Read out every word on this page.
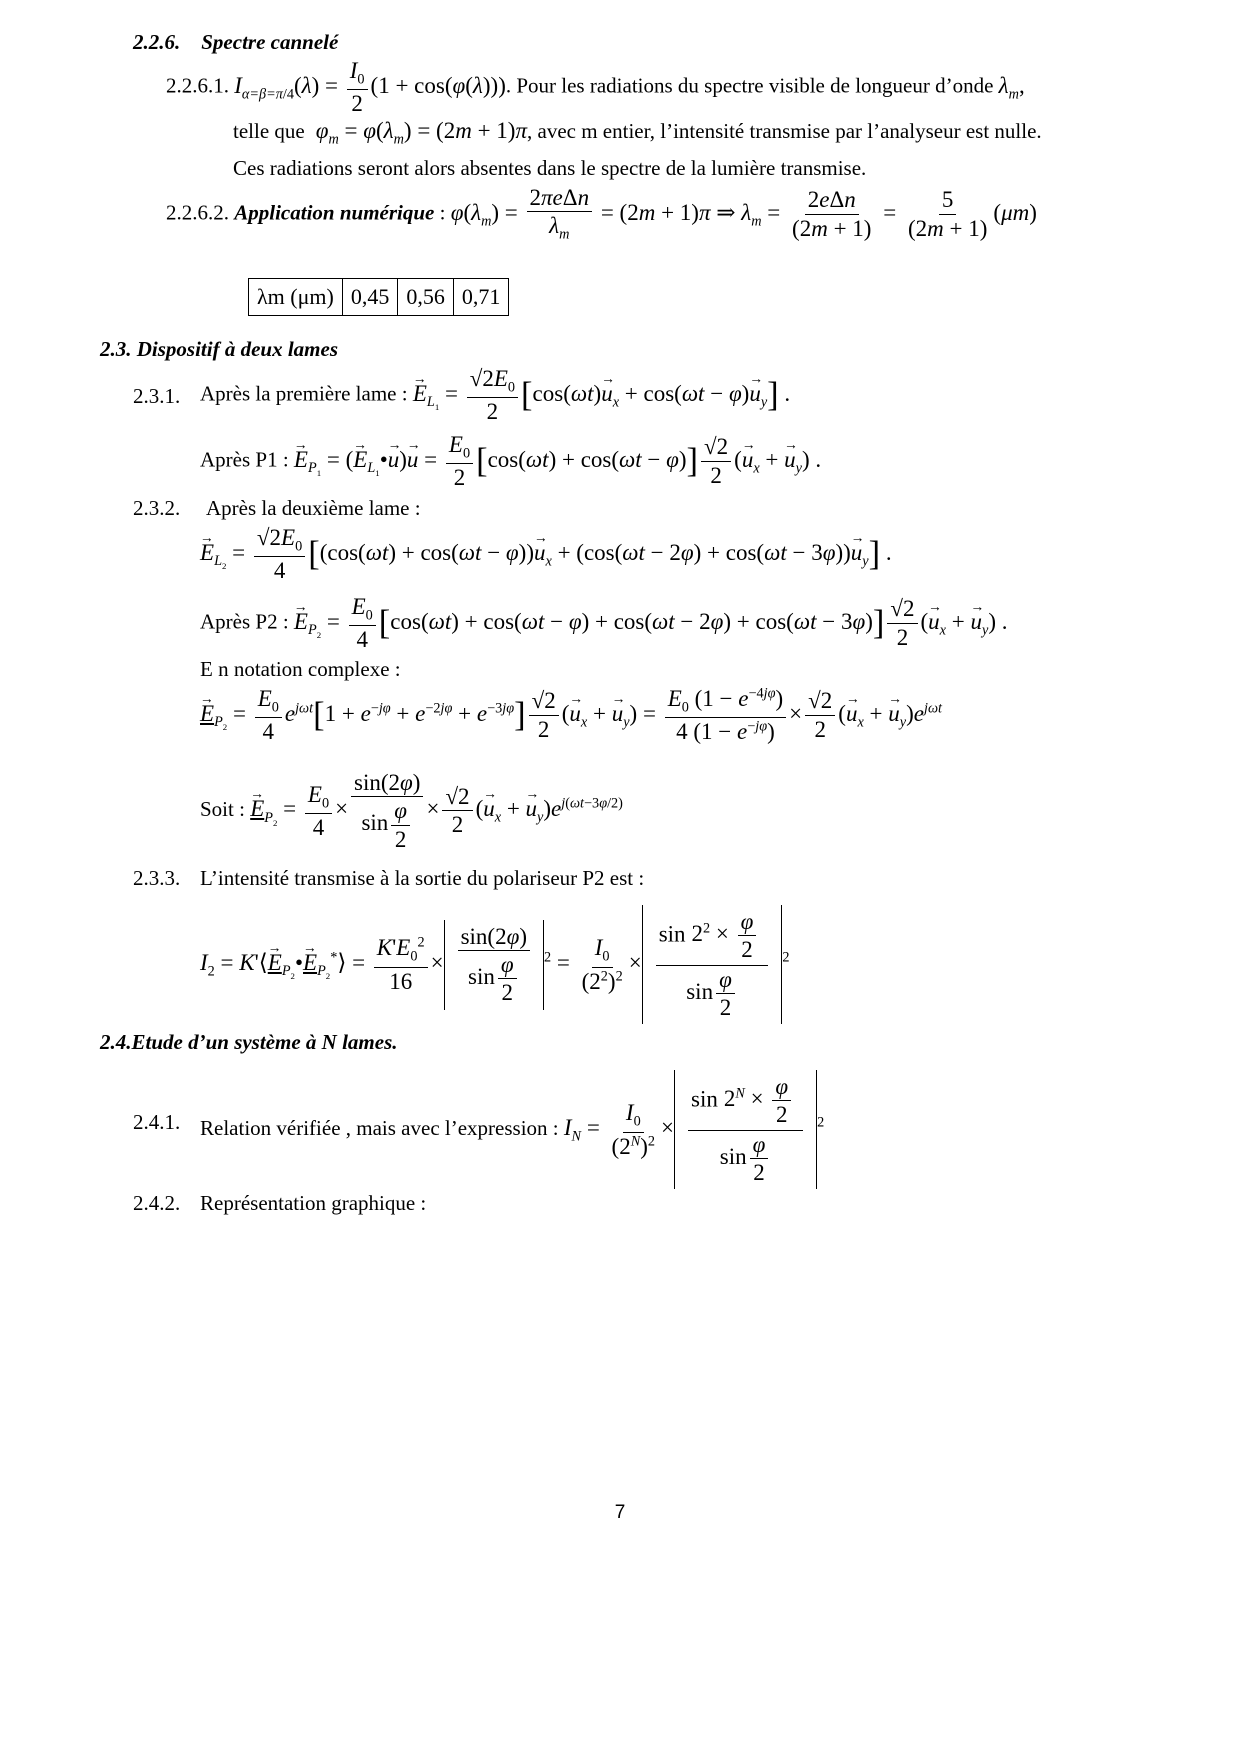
2.2.6. Spectre cannelé
2.2.6.1. $I_{\alpha=\beta=\pi/4}(\lambda) = \frac{I_0}{2} (1 + \cos(\varphi(\lambda)))$. Pour les radiations du spectre visible de longueur d’onde $\lambda_m$,
telle que $\varphi_m = \varphi(\lambda_m) = (2m + 1)\pi$, avec m entier, l’intensité transmise par l’analyseur est nulle.
Ces radiations seront alors absentes dans le spectre de la lumière transmise.
2.2.6.2. Application numérique : $\varphi(\lambda_m) = \frac{\text{2πeΔn}}{\lambda_m} = (2m + 1)\pi$ ⇒ $\lambda_m = \frac{\text{2eΔn}}{(2m + 1)} = \frac{5}{(2m + 1)} (\mu m)$
λm (μm)	0,45	0,56	0,71
2.3. Dispositif à deux lames
2.3.1. Après la première lame : → $E_{L_1} = \frac{√2E_0}{2} [\cos(\omega t)\to u_x + \cos(\omega t - \varphi)\to u_y]$ .
Après P1 : → $E_{P_1}$ = (→ $E_{L_1}•\to u)\to u = \frac{E_0}{2} [\cos(\omega t) + \cos(\omega t - \varphi)] \frac{√2}{2}$ (→ $u_x$ + → $u_y$) .
2.3.2. Après la deuxième lame :
→ $E_{L_2} = \frac{√2E_0}{4} [(\cos(\omega t) + \cos(\omega t - \varphi))\to u_x + (\cos(\omega t - 2\varphi) + \cos(\omega t - 3\varphi))\to u_y]$ .
Après P2 : → $E_{P_2} = \frac{E_0}{4} [\cos(\omega t) + \cos(\omega t - \varphi) + \cos(\omega t - 2\varphi) + \cos(\omega t - 3\varphi)] \frac{√2}{2}$ (→ $u_x$ + → $u_y$) .
E n notation complexe :
→ $E_{P_2} = \frac{E_0}{4} e^{j\omega t}[1 + e^{-j\varphi} + e^{-2j\varphi} + e^{-3j\varphi}] \frac{√2}{2}$ (→ $u_x$ + → $u_y) = \frac{E_0 (1 - e^{-4j\varphi})}{4 (1 - e^{-j\varphi})} \times \frac{√2}{2}$ (→ $u_x$ + → $u_y)e^{j\omega t}$
Soit : → $E_{P_2} = \frac{E_0}{4} \times \frac{\sin(2\varphi)}{\sin \frac{\varphi}{2}} \times \frac{√2}{2}$ (→ $u_x$ + → $u_y)e^{j(\omega t-3\varphi/2)}$
2.3.3. L’intensité transmise à la sortie du polariseur P2 est :
$I_2$ = K'⟨→ $E_{P_2}•\to$ $E_{P_2}^*⟩ = \frac{K'E_0^2}{16} \times \frac{\sin(2\varphi)}{\sin \frac{\varphi}{2}} ^2 = \frac{I_0}{(2^2)^2} \times \frac{\sin 2^2 \times \frac{\varphi}{2}}{\sin \frac{\varphi}{2}} ^2$
2.4.Etude d’un système à N lames.
2.4.1. Relation vérifiée , mais avec l’expression : $I_N = \frac{I_0}{(2^N)^2} \times \frac{\sin 2^N \times \frac{\varphi}{2}}{\sin \frac{\varphi}{2}} ^2$
2.4.2. Représentation graphique :
7
